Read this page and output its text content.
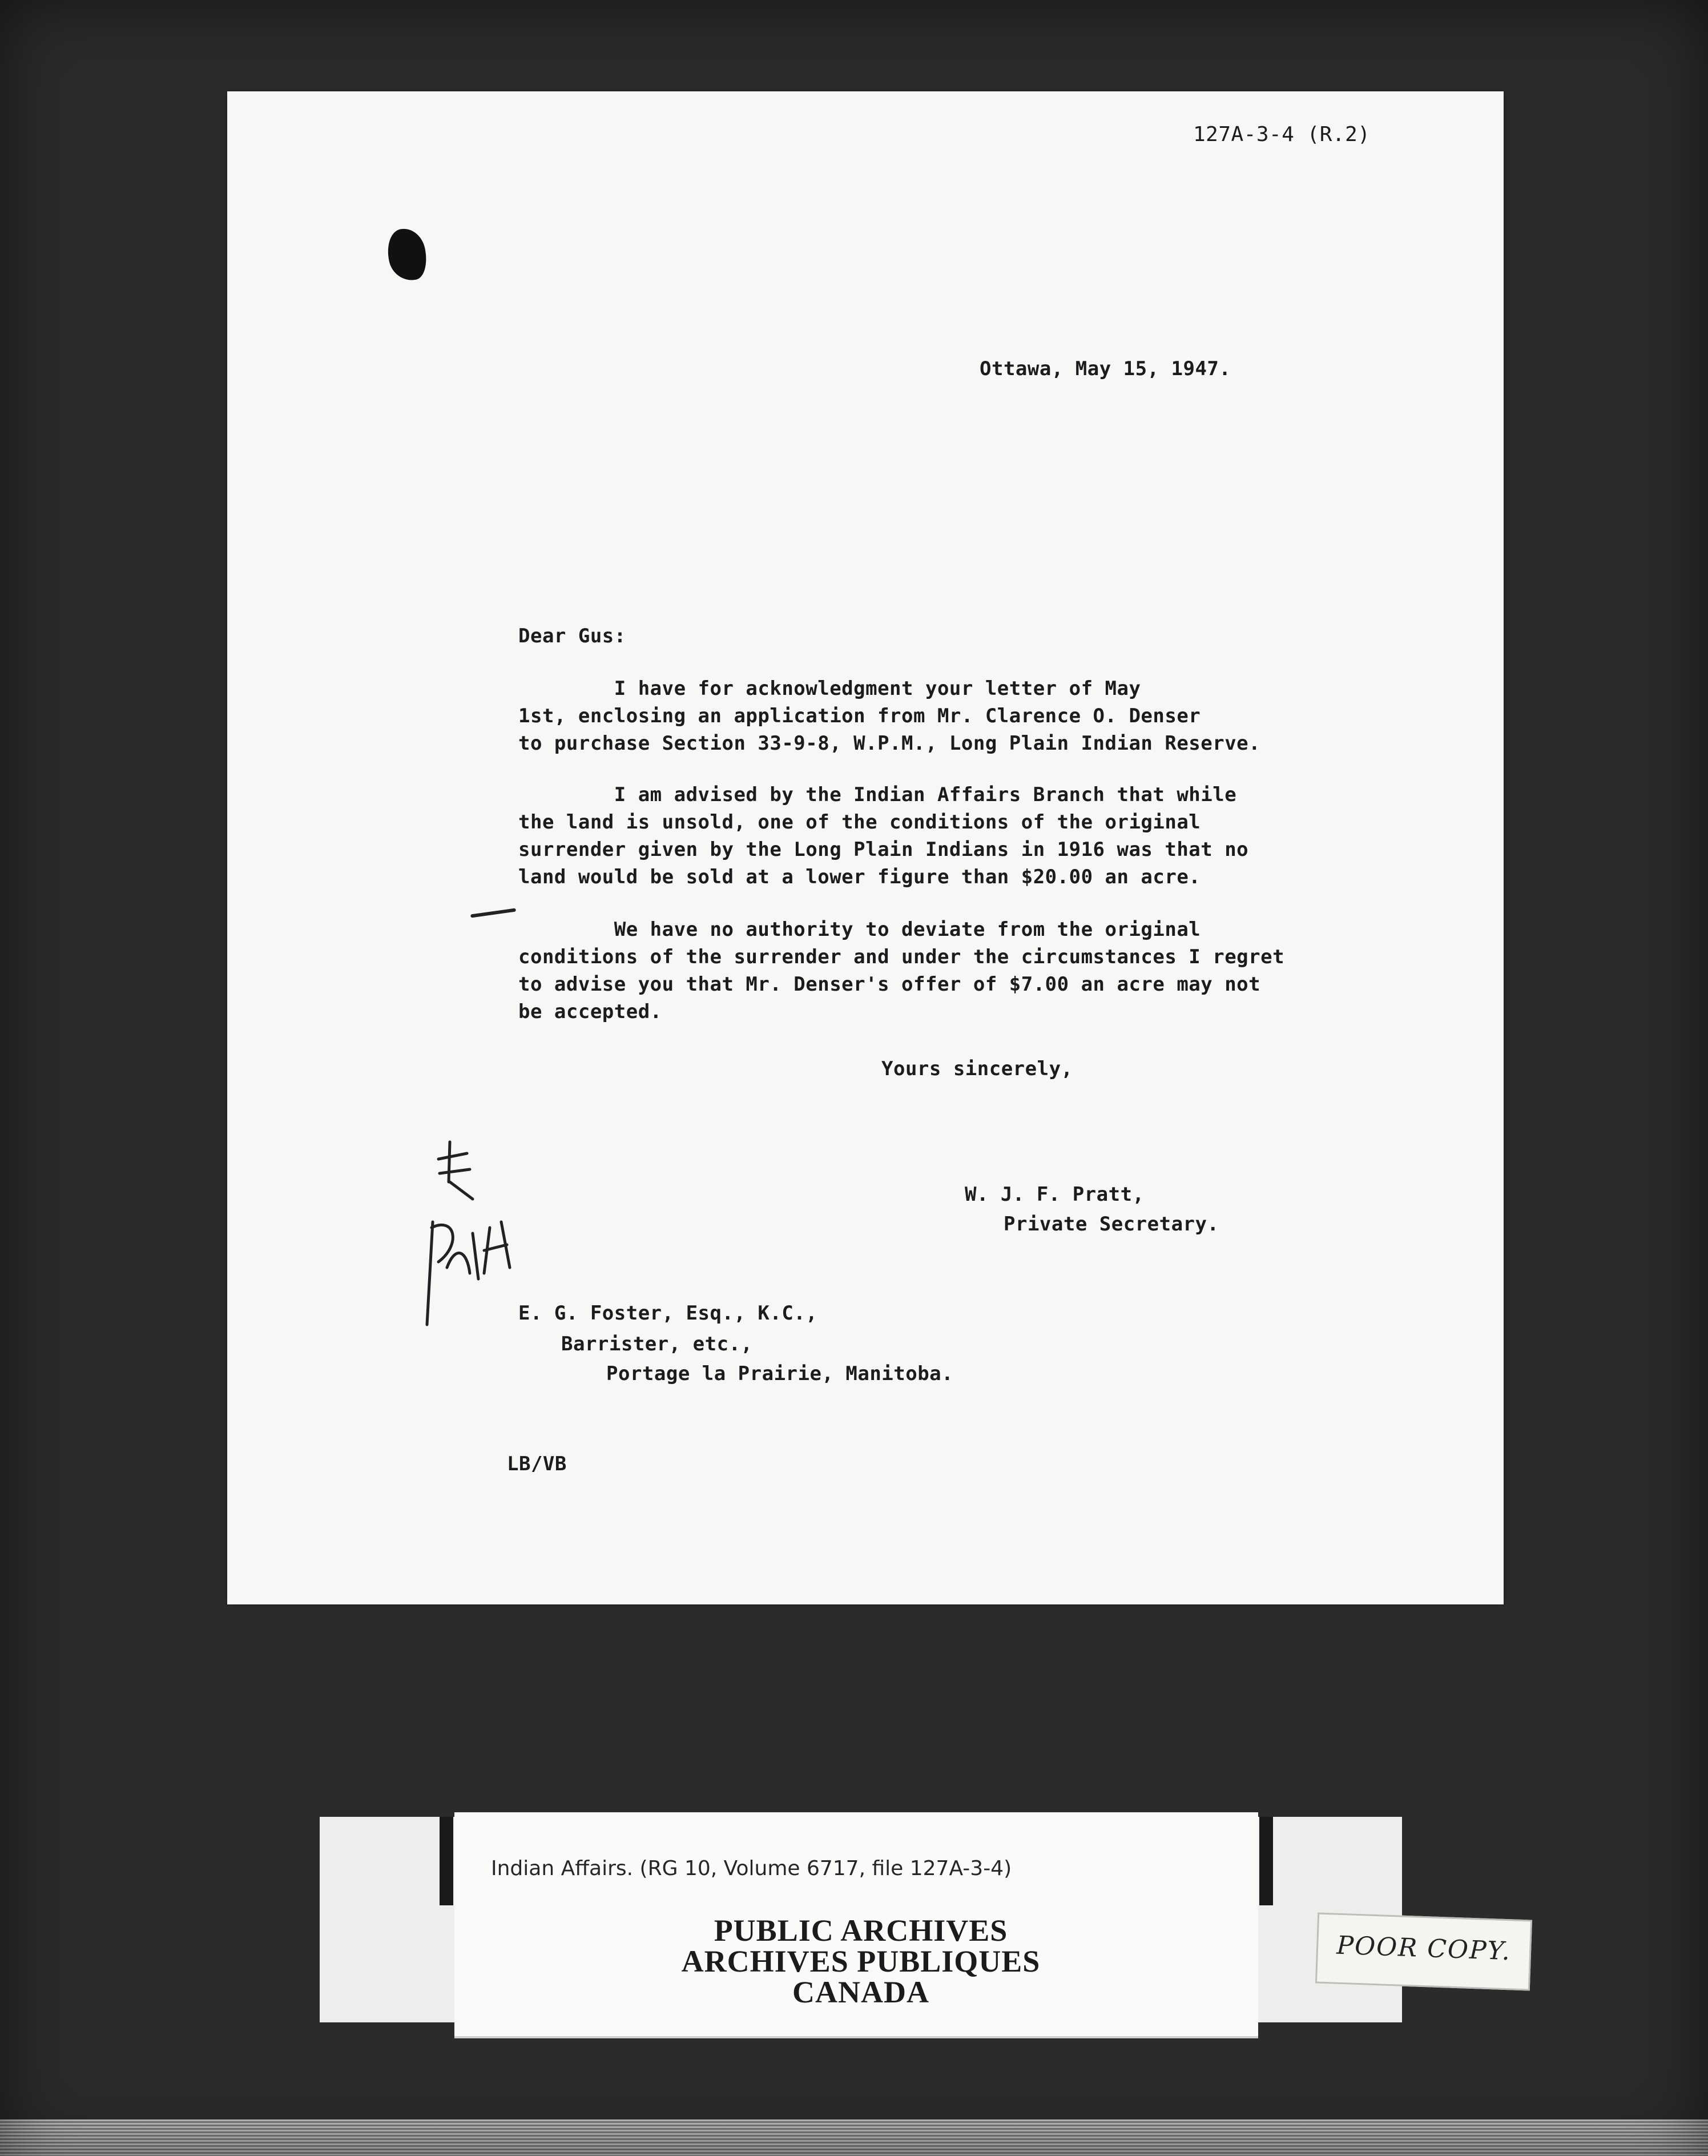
127A-3-4 (R.2)
Ottawa, May 15, 1947.
Dear Gus:
I have for acknowledgment your letter of May
1st, enclosing an application from Mr. Clarence O. Denser
to purchase Section 33-9-8, W.P.M., Long Plain Indian Reserve.
I am advised by the Indian Affairs Branch that while
the land is unsold, one of the conditions of the original
surrender given by the Long Plain Indians in 1916 was that no
land would be sold at a lower figure than $20.00 an acre.
We have no authority to deviate from the original
conditions of the surrender and under the circumstances I regret
to advise you that Mr. Denser's offer of $7.00 an acre may not
be accepted.
Yours sincerely,
W. J. F. Pratt,
Private Secretary.
E. G. Foster, Esq., K.C.,
Barrister, etc.,
Portage la Prairie, Manitoba.
LB/VB
Indian Affairs. (RG 10, Volume 6717, file 127A-3-4)
PUBLIC ARCHIVES
ARCHIVES PUBLIQUES
CANADA
POOR COPY.
